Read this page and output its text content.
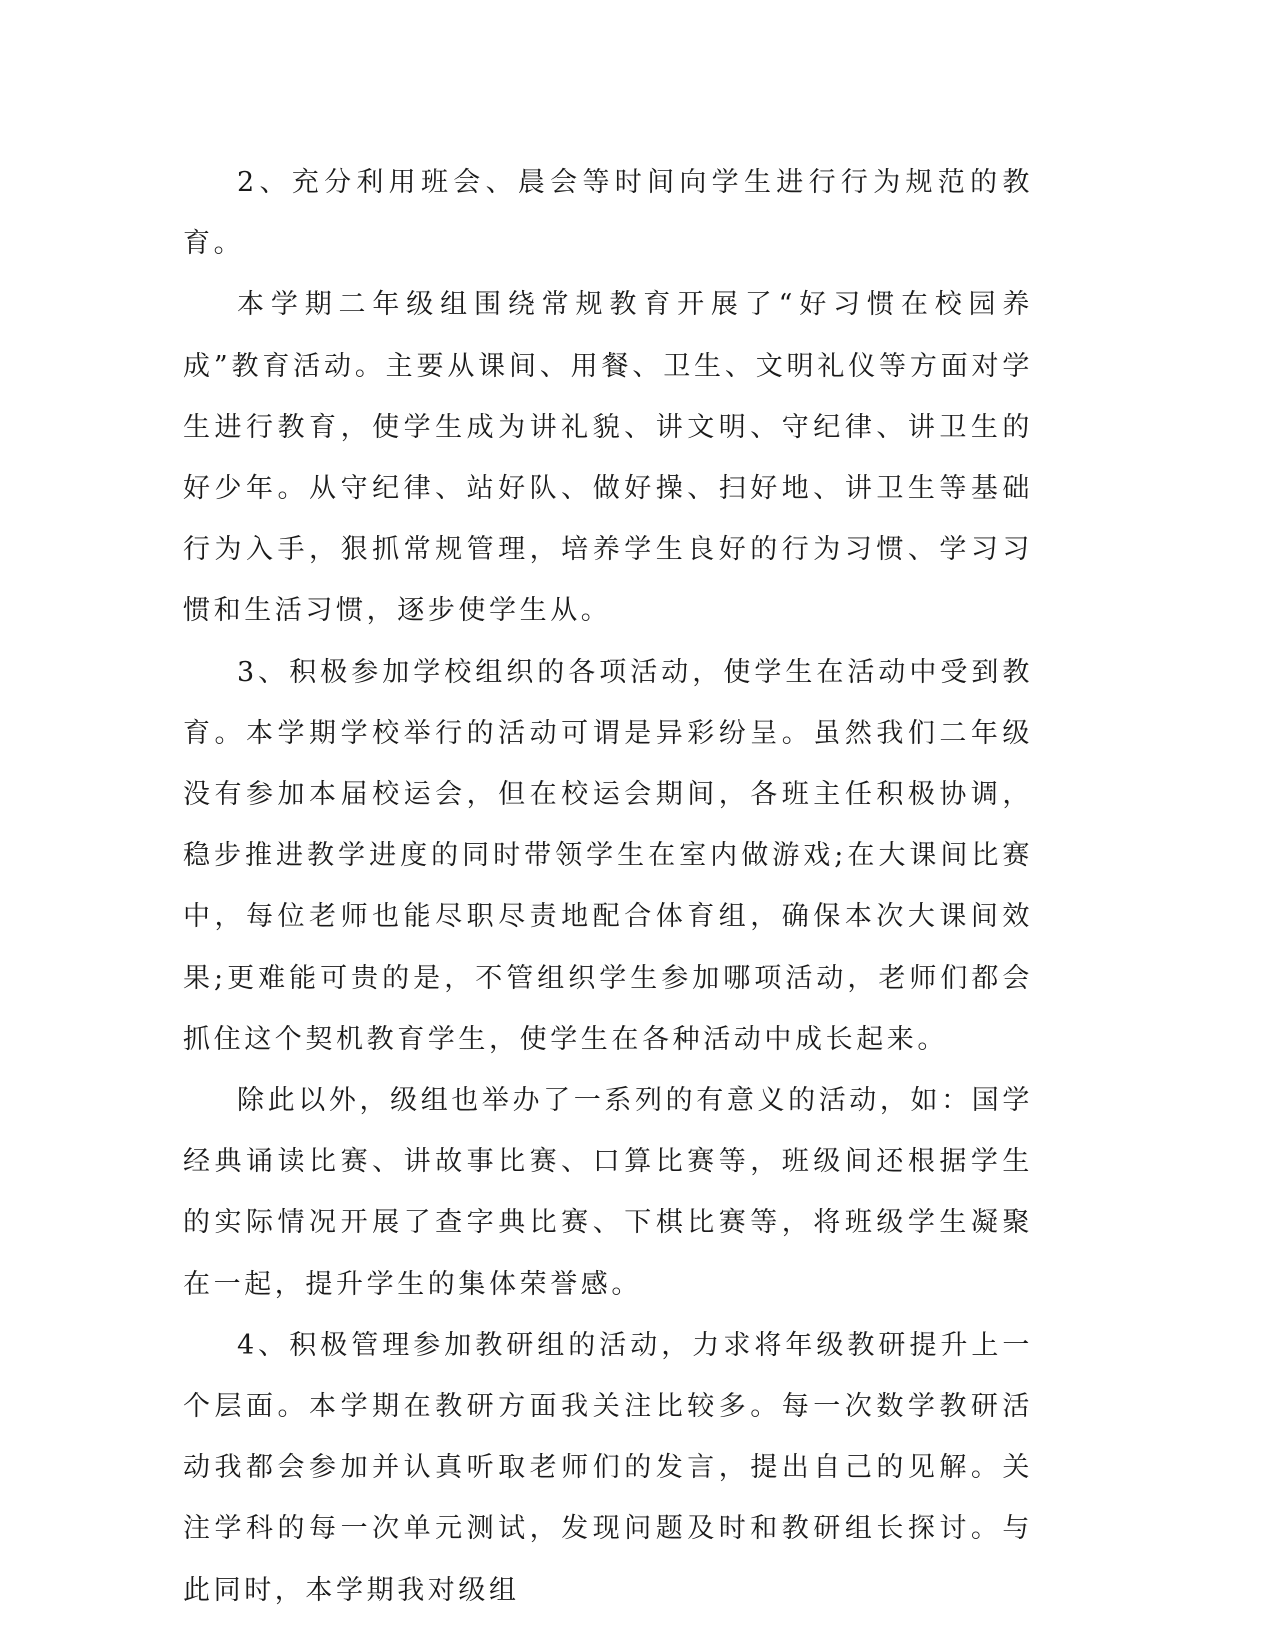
2、充分利用班会、晨会等时间向学生进行行为规范的教育。

本学期二年级组围绕常规教育开展了“好习惯在校园养成”教育活动。主要从课间、用餐、卫生、文明礼仪等方面对学生进行教育，使学生成为讲礼貌、讲文明、守纪律、讲卫生的好少年。从守纪律、站好队、做好操、扫好地、讲卫生等基础行为入手，狠抓常规管理，培养学生良好的行为习惯、学习习惯和生活习惯，逐步使学生从。

3、积极参加学校组织的各项活动，使学生在活动中受到教育。本学期学校举行的活动可谓是异彩纷呈。虽然我们二年级没有参加本届校运会，但在校运会期间，各班主任积极协调，稳步推进教学进度的同时带领学生在室内做游戏;在大课间比赛中，每位老师也能尽职尽责地配合体育组，确保本次大课间效果;更难能可贵的是，不管组织学生参加哪项活动，老师们都会抓住这个契机教育学生，使学生在各种活动中成长起来。

除此以外，级组也举办了一系列的有意义的活动，如：国学经典诵读比赛、讲故事比赛、口算比赛等，班级间还根据学生的实际情况开展了查字典比赛、下棋比赛等，将班级学生凝聚在一起，提升学生的集体荣誉感。

4、积极管理参加教研组的活动，力求将年级教研提升上一个层面。本学期在教研方面我关注比较多。每一次数学教研活动我都会参加并认真听取老师们的发言，提出自己的见解。关注学科的每一次单元测试，发现问题及时和教研组长探讨。与此同时，本学期我对级组
